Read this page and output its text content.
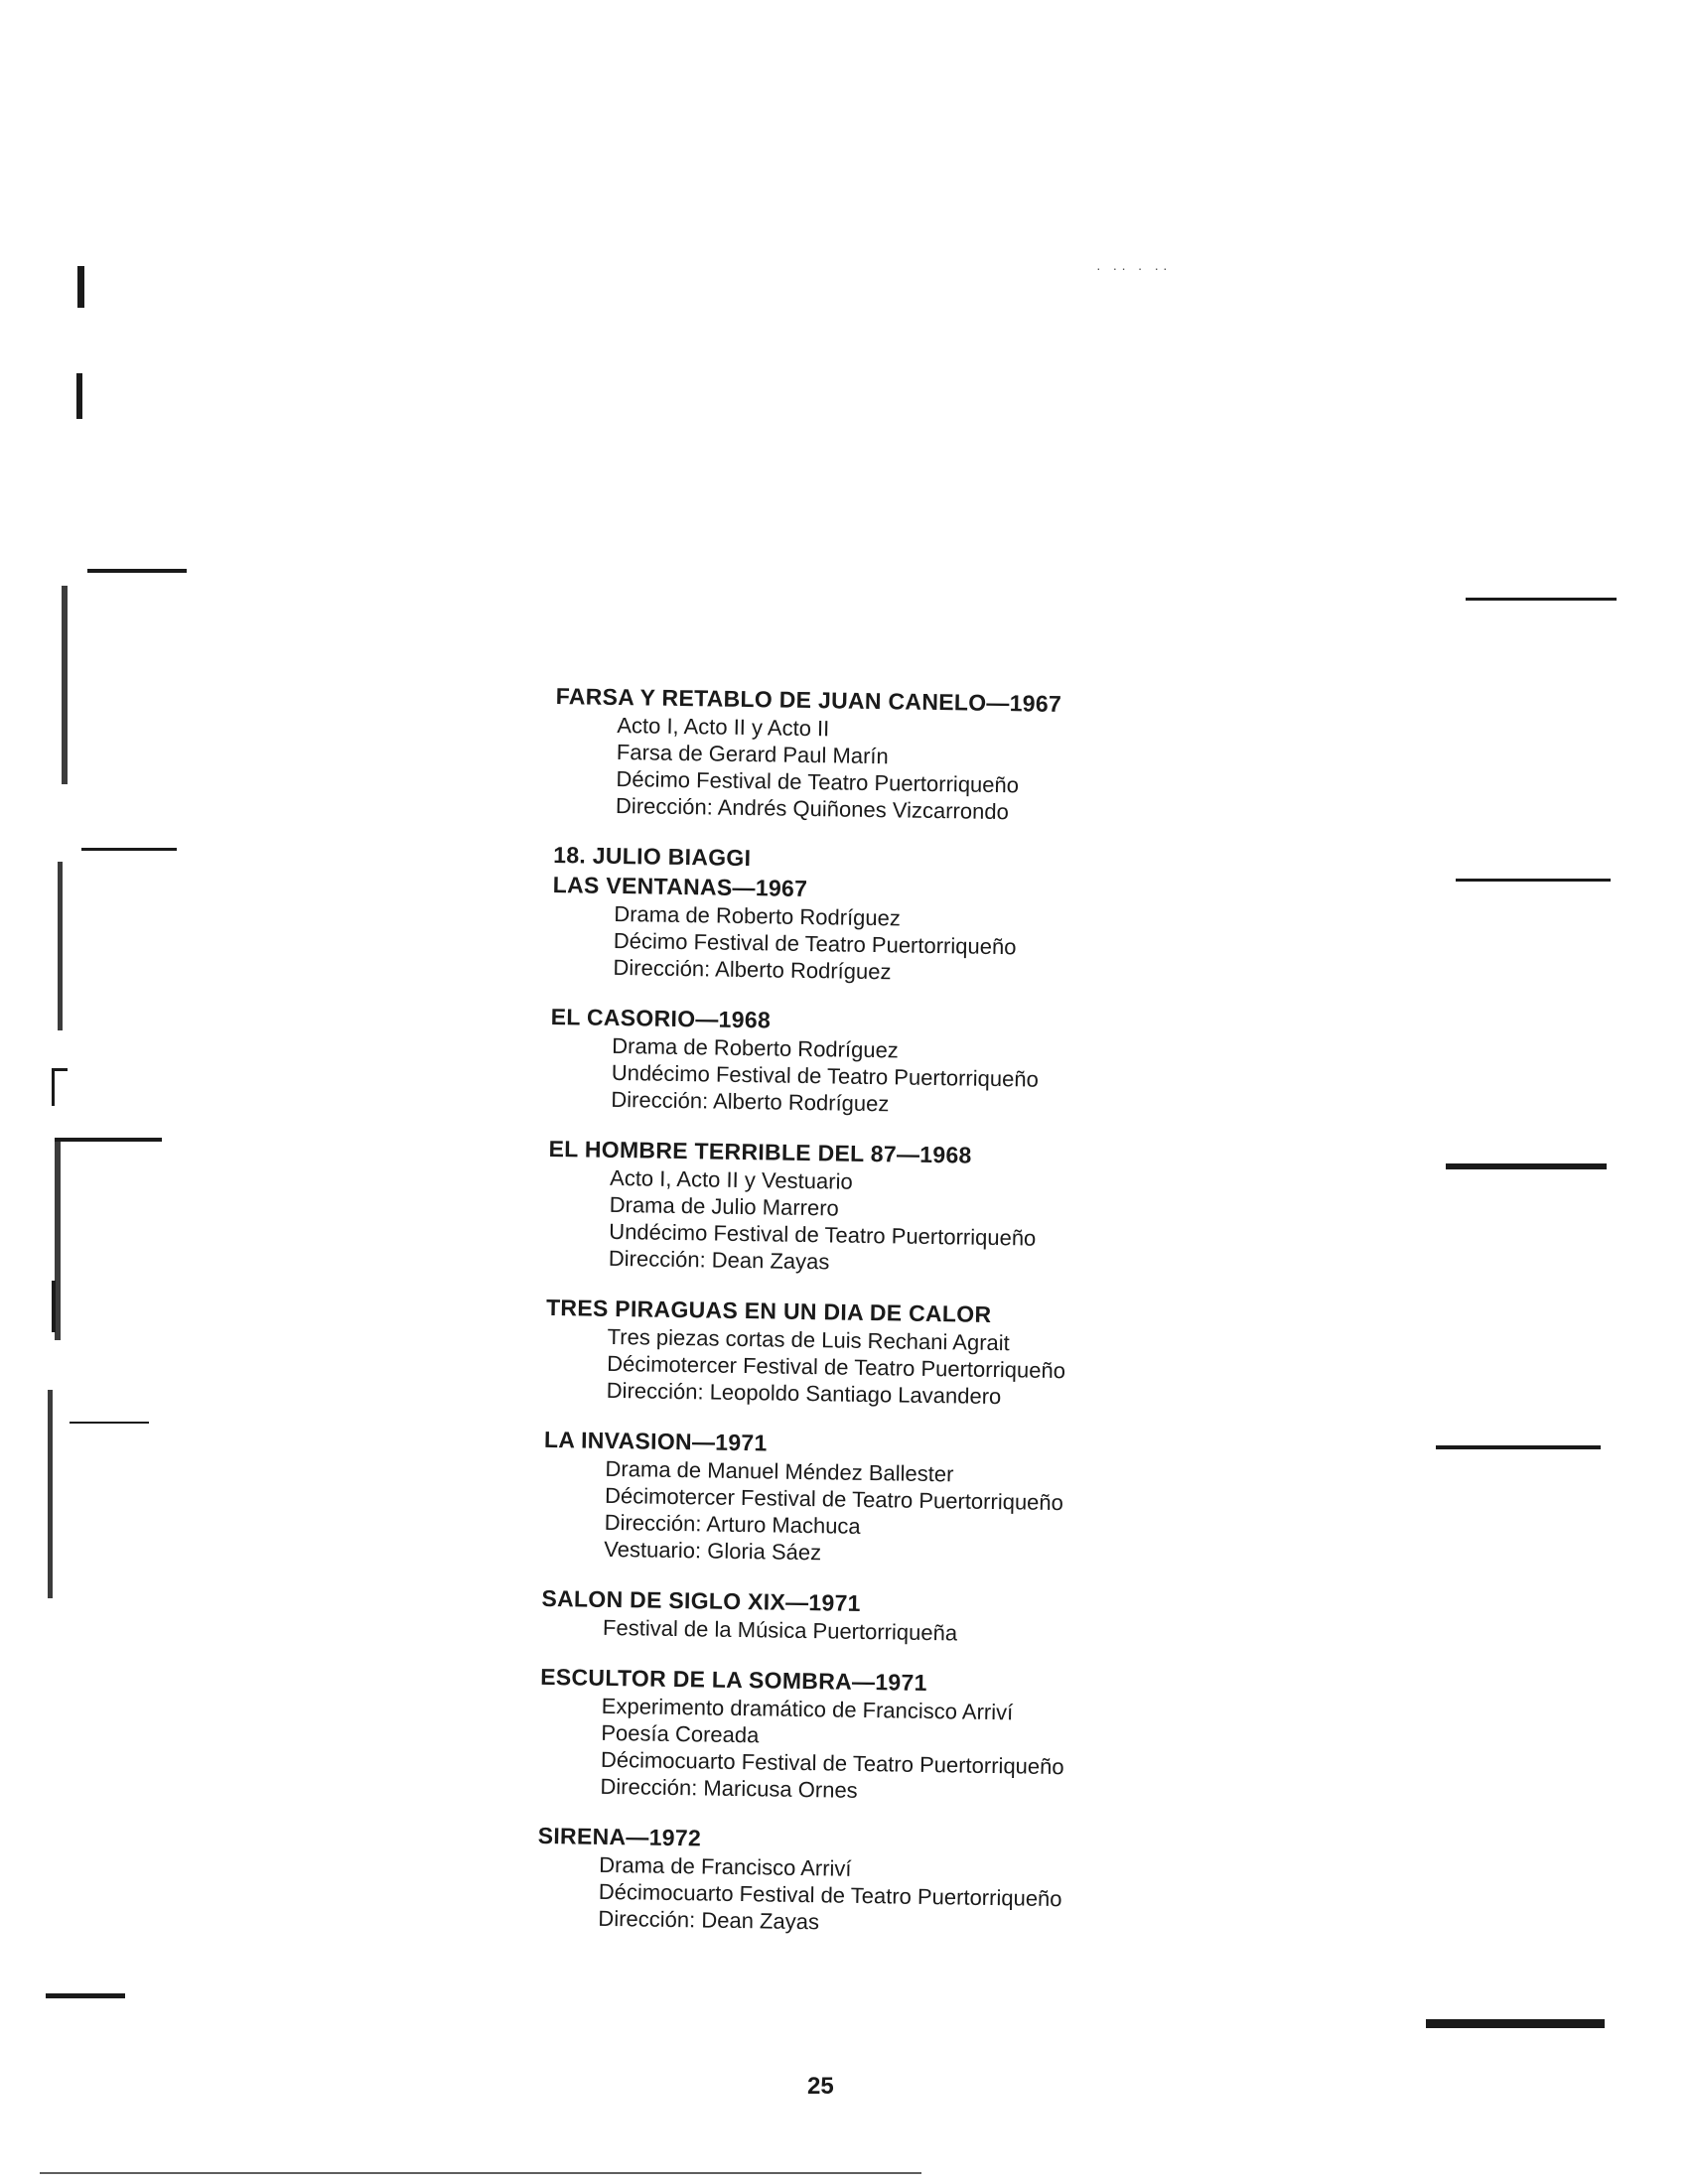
· ·· · ··

FARSA Y RETABLO DE JUAN CANELO—1967

Acto I, Acto II y Acto II

Farsa de Gerard Paul Marín

Décimo Festival de Teatro Puertorriqueño

Dirección: Andrés Quiñones Vizcarrondo

18. JULIO BIAGGI

LAS VENTANAS—1967

Drama de Roberto Rodríguez

Décimo Festival de Teatro Puertorriqueño

Dirección: Alberto Rodríguez

EL CASORIO—1968

Drama de Roberto Rodríguez

Undécimo Festival de Teatro Puertorriqueño

Dirección: Alberto Rodríguez

EL HOMBRE TERRIBLE DEL 87—1968

Acto I, Acto II y Vestuario

Drama de Julio Marrero

Undécimo Festival de Teatro Puertorriqueño

Dirección: Dean Zayas

TRES PIRAGUAS EN UN DIA DE CALOR

Tres piezas cortas de Luis Rechani Agrait

Décimotercer Festival de Teatro Puertorriqueño

Dirección: Leopoldo Santiago Lavandero

LA INVASION—1971

Drama de Manuel Méndez Ballester

Décimotercer Festival de Teatro Puertorriqueño

Dirección: Arturo Machuca

Vestuario: Gloria Sáez

SALON DE SIGLO XIX—1971

Festival de la Música Puertorriqueña

ESCULTOR DE LA SOMBRA—1971

Experimento dramático de Francisco Arriví

Poesía Coreada

Décimocuarto Festival de Teatro Puertorriqueño

Dirección: Maricusa Ornes

SIRENA—1972

Drama de Francisco Arriví

Décimocuarto Festival de Teatro Puertorriqueño

Dirección: Dean Zayas

25
